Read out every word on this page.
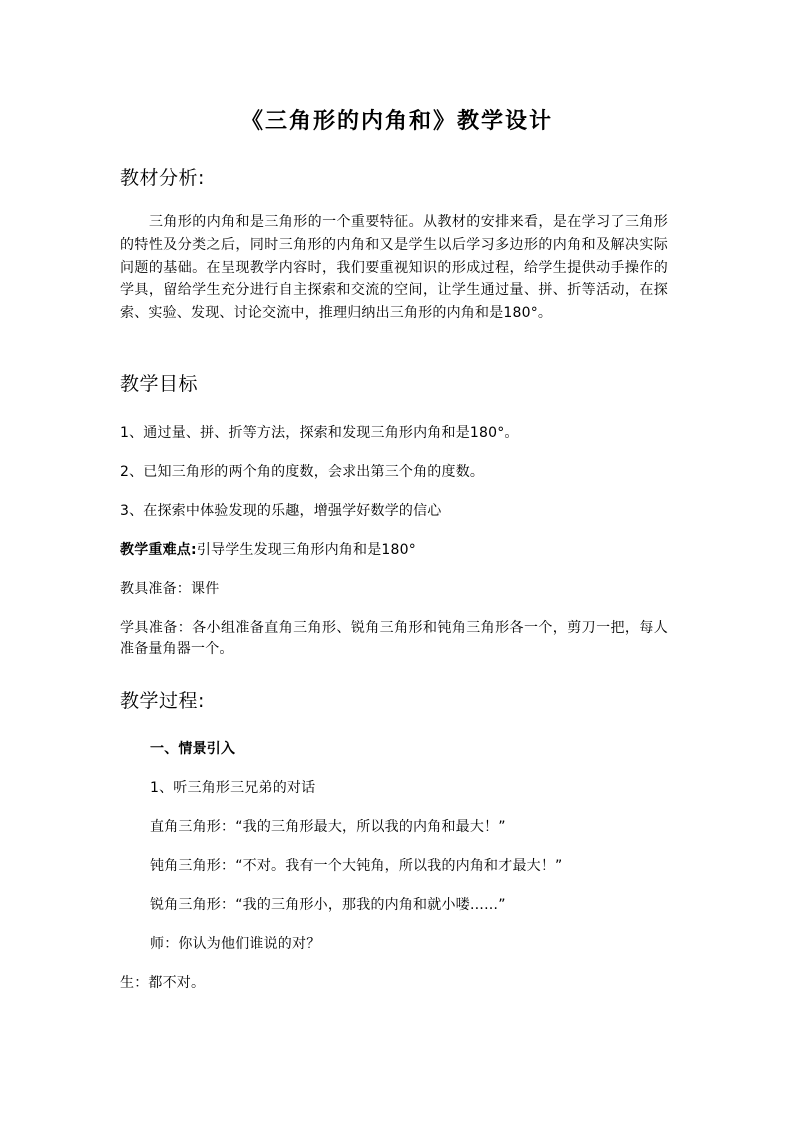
《三角形的内角和》教学设计
教材分析:

三角形的内角和是三角形的一个重要特征。从教材的安排来看，是在学习了三角形的特性及分类之后，同时三角形的内角和又是学生以后学习多边形的内角和及解决实际问题的基础。在呈现教学内容时，我们要重视知识的形成过程，给学生提供动手操作的学具，留给学生充分进行自主探索和交流的空间，让学生通过量、拼、折等活动，在探索、实验、发现、讨论交流中，推理归纳出三角形的内角和是180°。

教学目标

1、通过量、拼、折等方法，探索和发现三角形内角和是180°。

2、已知三角形的两个角的度数，会求出第三个角的度数。

3、在探索中体验发现的乐趣，增强学好数学的信心

教学重难点:引导学生发现三角形内角和是180°

教具准备：课件

学具准备：各小组准备直角三角形、锐角三角形和钝角三角形各一个，剪刀一把，每人准备量角器一个。

教学过程:

一、情景引入

1、听三角形三兄弟的对话

直角三角形：“我的三角形最大，所以我的内角和最大！”

钝角三角形：“不对。我有一个大钝角，所以我的内角和才最大！”

锐角三角形：“我的三角形小，那我的内角和就小喽……”

师：你认为他们谁说的对？

生：都不对。
